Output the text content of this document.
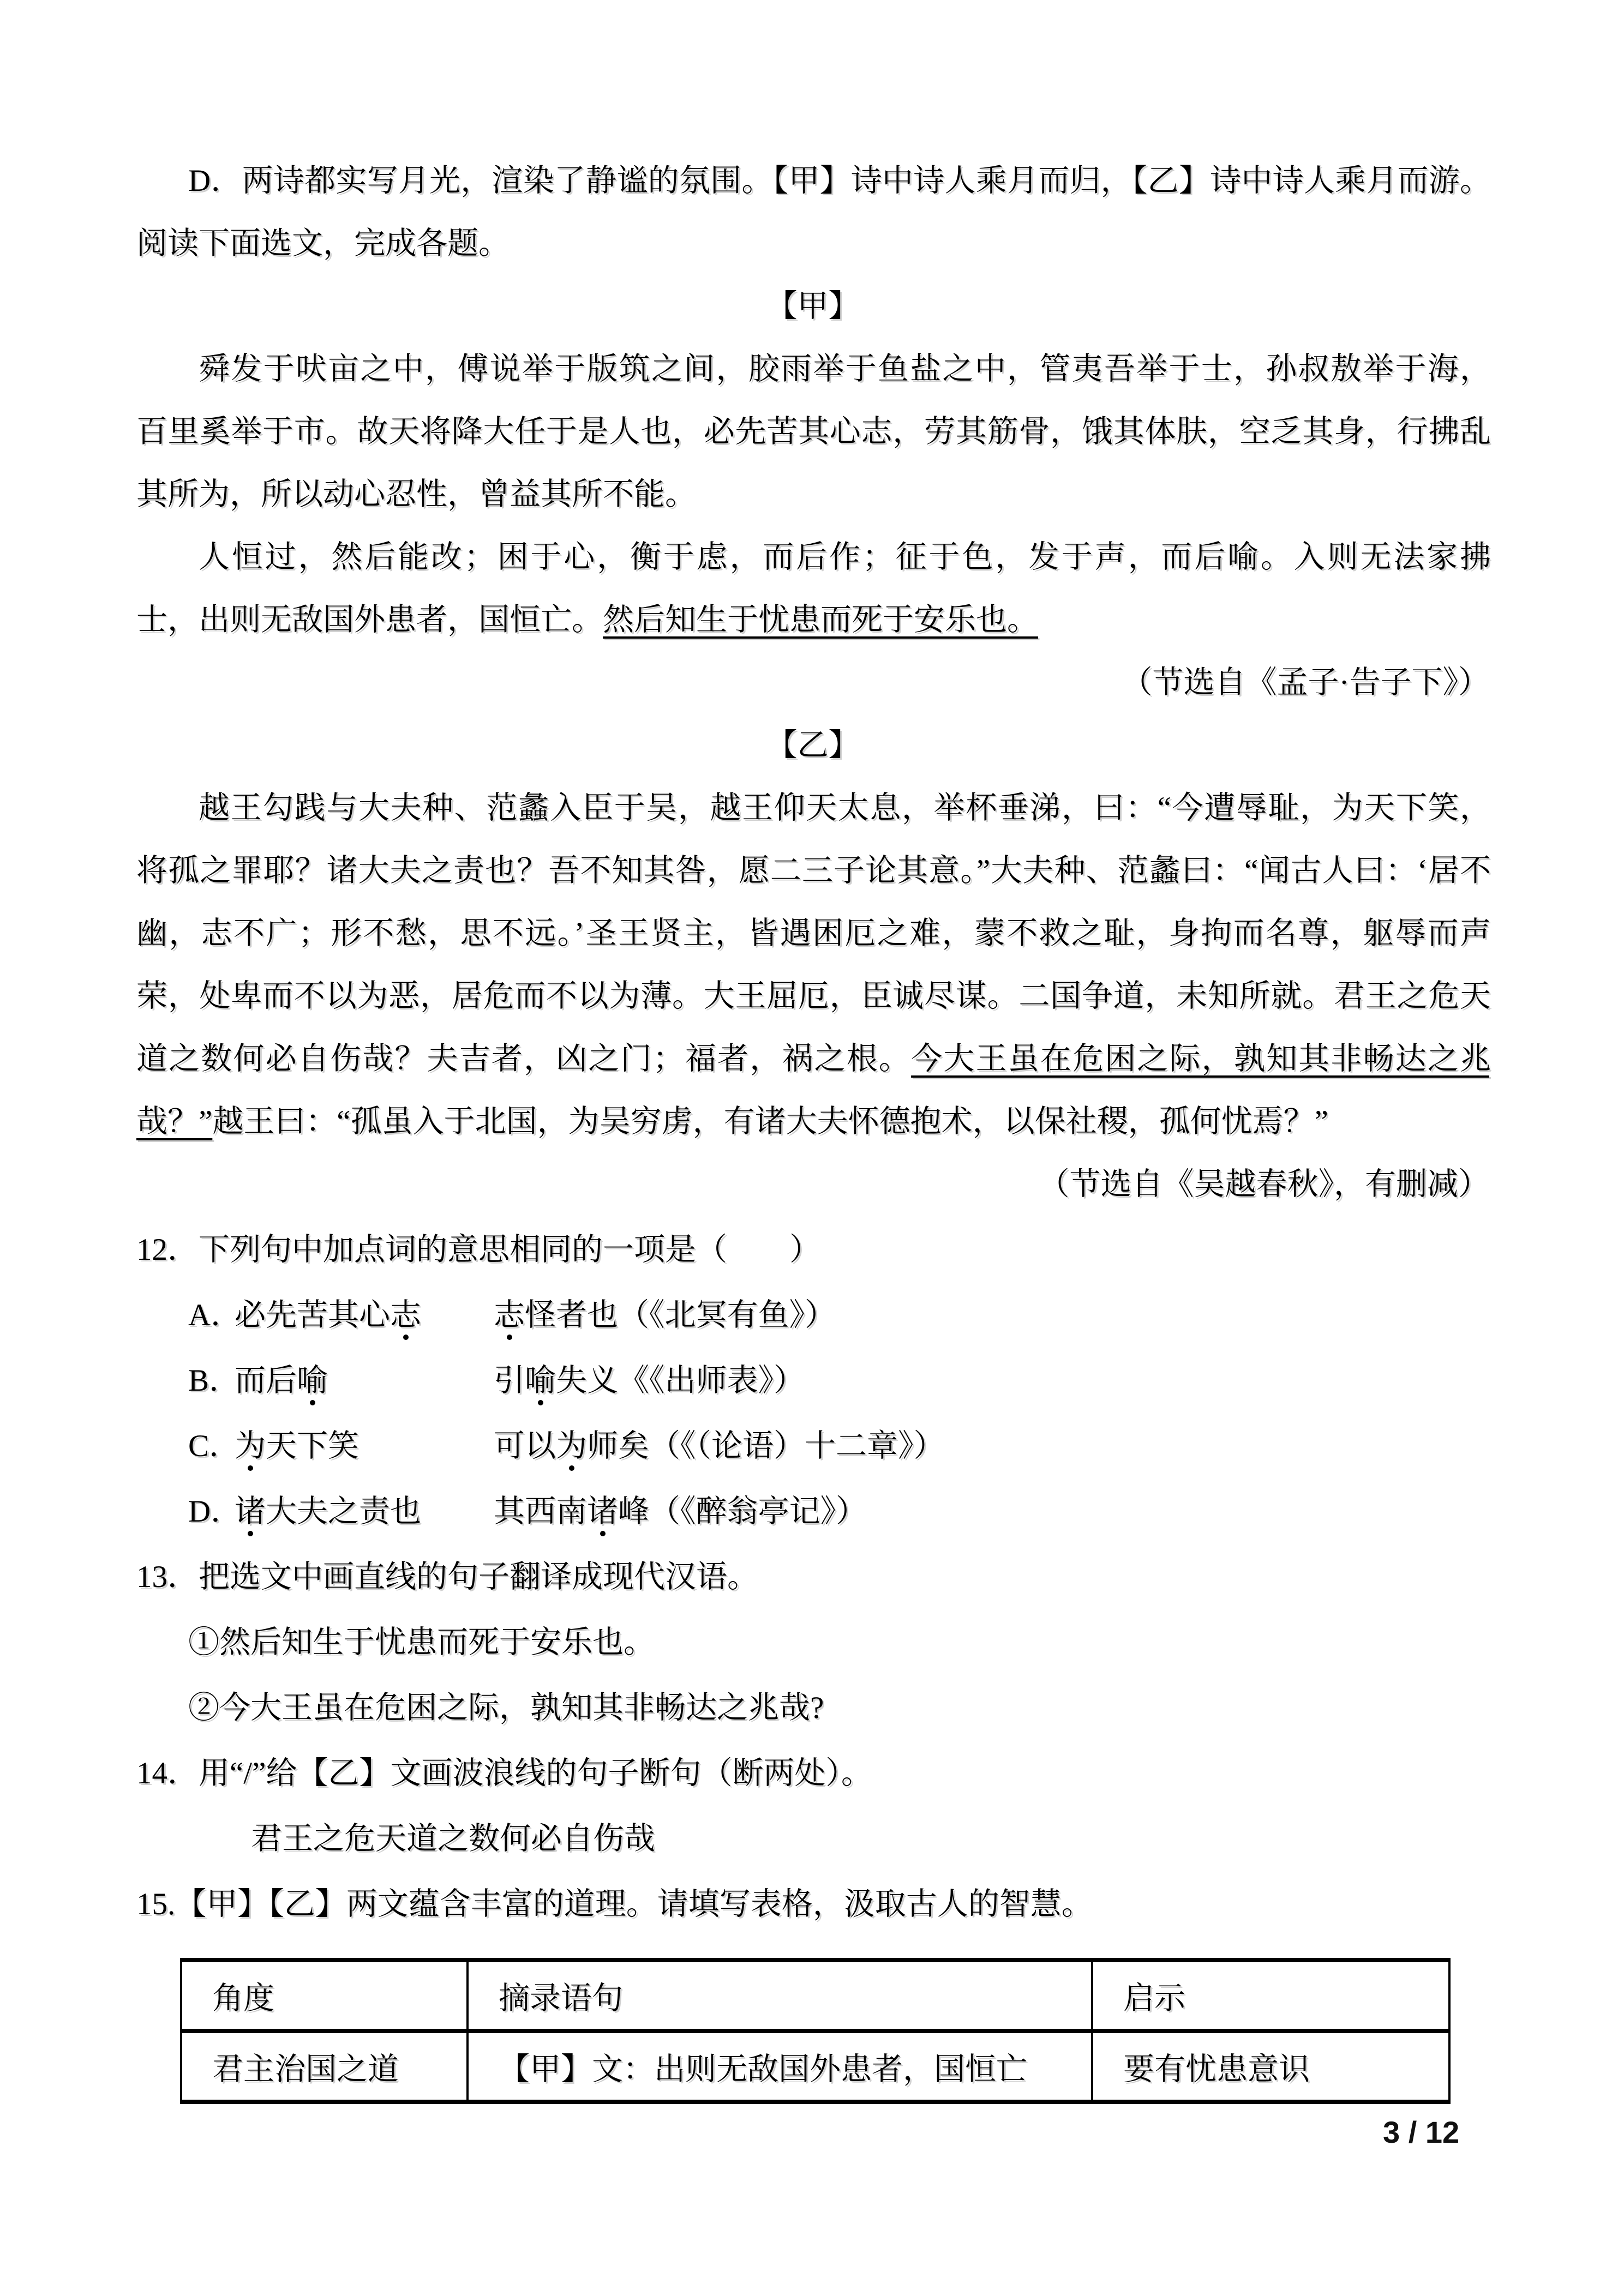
D．两诗都实写月光，渲染了静谧的氛围。【甲】诗中诗人乘月而归，【乙】诗中诗人乘月而游。
阅读下面选文，完成各题。
【甲】
舜发于吠亩之中，傅说举于版筑之间，胶雨举于鱼盐之中，管夷吾举于士，孙叔敖举于海，
百里奚举于市。故天将降大任于是人也，必先苦其心志，劳其筋骨，饿其体肤，空乏其身，行拂乱
其所为，所以动心忍性，曾益其所不能。
人恒过，然后能改；困于心，衡于虑，而后作；征于色，发于声，而后喻。入则无法家拂
士，出则无敌国外患者，国恒亡。然后知生于忧患而死于安乐也。
（节选自《孟子·告子下》）
【乙】
越王勾践与大夫种、范蠡入臣于吴，越王仰天太息，举杯垂涕，曰：“今遭辱耻，为天下笑，
将孤之罪耶？诸大夫之责也？吾不知其咎，愿二三子论其意。”大夫种、范蠡曰：“闻古人曰：‘居不
幽，志不广；形不愁，思不远。’圣王贤主，皆遇困厄之难，蒙不救之耻，身拘而名尊，躯辱而声
荣，处卑而不以为恶，居危而不以为薄。大王屈厄，臣诚尽谋。二国争道，未知所就。君王之危天
道之数何必自伤哉？夫吉者，凶之门；福者，祸之根。今大王虽在危困之际，孰知其非畅达之兆
哉？”越王曰：“孤虽入于北国，为吴穷虏，有诸大夫怀德抱术，以保社稷，孤何忧焉？”
（节选自《吴越春秋》，有删减）
12．下列句中加点词的意思相同的一项是（　　）
A．必先苦其心志 志怪者也（《北冥有鱼》）
B．而后喻	引喻失义《《出师表》）
C．为天下笑	可以为师矣（《（论语）十二章》）
D．诸大夫之责也 其西南诸峰（《醉翁亭记》）
13．把选文中画直线的句子翻译成现代汉语。
①然后知生于忧患而死于安乐也。
②今大王虽在危困之际，孰知其非畅达之兆哉?
14．用“/”给【乙】文画波浪线的句子断句（断两处）。
君王之危天道之数何必自伤哉
15.【甲】【乙】两文蕴含丰富的道理。请填写表格，汲取古人的智慧。
角度	摘录语句	启示
君主治国之道	【甲】文：出则无敌国外患者，国恒亡	要有忧患意识
3 / 12
